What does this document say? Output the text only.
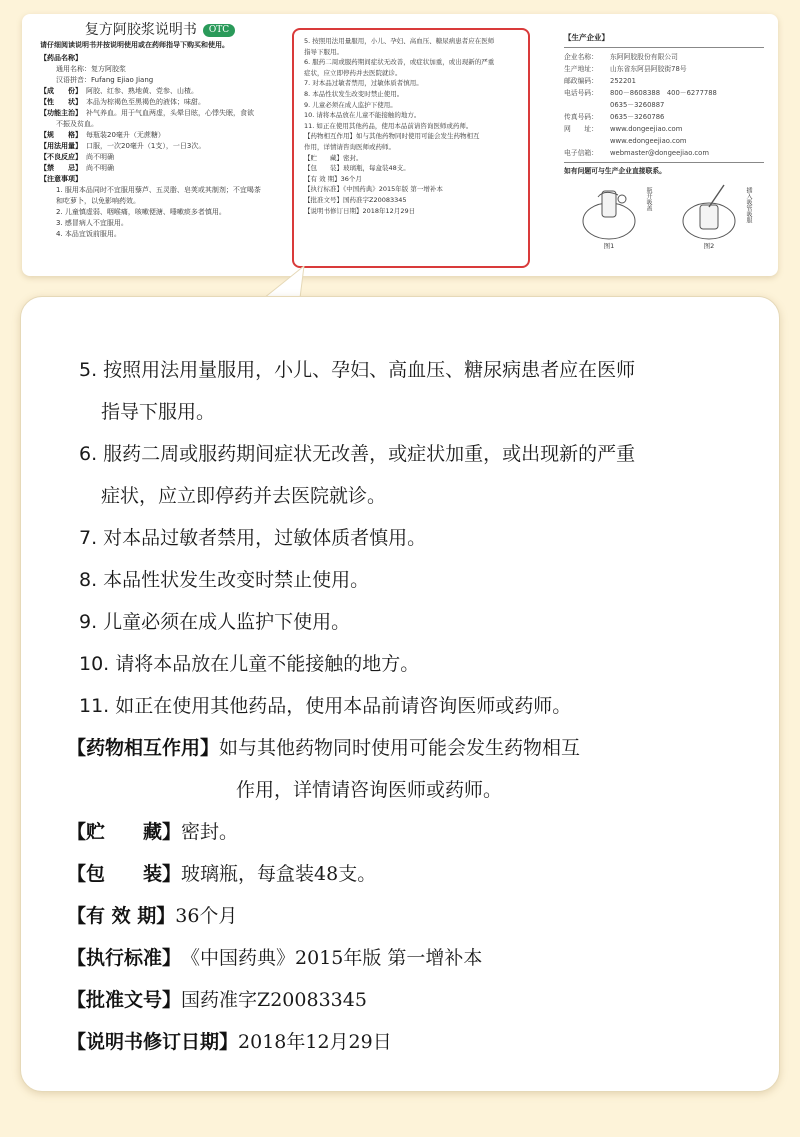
复方阿胶浆说明书	OTC
请仔细阅读说明书并按说明使用或在药师指导下购买和使用。
【药品名称】
通用名称：复方阿胶浆
汉语拼音：Fufang Ejiao Jiang
【成　　份】 阿胶、红参、熟地黄、党参、山楂。
【性　　状】 本品为棕褐色至黑褐色的液体；味甜。
【功能主治】 补气养血。用于气血两虚，头晕目眩，心悸失眠，食欲
不振及贫血。
【规　　格】 每瓶装20毫升（无蔗糖）
【用法用量】 口服，一次20毫升（1支），一日3次。
【不良反应】 尚不明确
【禁　　忌】 尚不明确
【注意事项】
1. 服用本品同时不宜服用藜芦、五灵脂、皂荚或其制剂；不宜喝茶
和吃萝卜，以免影响药效。
2. 儿童慎虚弱、咽喉痛，咳嗽便溏、唾嗽痰多者慎用。
3. 感冒病人不宜服用。
4. 本品宜饭前服用。
5. 按照用法用量服用，小儿、孕妇、高血压、糖尿病患者应在医师
指导下服用。
6. 服药二周或服药期间症状无改善，或症状加重，或出现新的严重
症状，应立即停药并去医院就诊。
7. 对本品过敏者禁用，过敏体质者慎用。
8. 本品性状发生改变时禁止使用。
9. 儿童必须在成人监护下使用。
10. 请将本品放在儿童不能接触的地方。
11. 如正在使用其他药品，使用本品前请咨询医师或药师。
【药物相互作用】如与其他药物同时使用可能会发生药物相互
作用，详情请咨询医师或药师。
【贮　　藏】密封。
【包　　装】玻璃瓶，每盒装48支。
【有 效 期】36个月
【执行标准】《中国药典》2015年版 第一增补本
【批准文号】国药准字Z20083345
【说明书修订日期】2018年12月29日
【生产企业】
企业名称：	东阿阿胶股份有限公司
生产地址：	山东省东阿县阿胶街78号
邮政编码：	252201
电话号码：	800－8608388　400－6277788
0635－3260887
传真号码：	0635－3260786
网　　址：	www.dongeejiao.com
www.edongeejiao.com
电子信箱：	webmaster@dongeejiao.com
如有问题可与生产企业直接联系。
瓶开吸盖
图1
插入吸管吸服
图2
5. 按照用法用量服用，小儿、孕妇、高血压、糖尿病患者应在医师
指导下服用。
6. 服药二周或服药期间症状无改善，或症状加重，或出现新的严重
症状，应立即停药并去医院就诊。
7. 对本品过敏者禁用，过敏体质者慎用。
8. 本品性状发生改变时禁止使用。
9. 儿童必须在成人监护下使用。
10. 请将本品放在儿童不能接触的地方。
11. 如正在使用其他药品，使用本品前请咨询医师或药师。
【药物相互作用】 如与其他药物同时使用可能会发生药物相互
作用，详情请咨询医师或药师。
【贮　　藏】 密封。
【包　　装】 玻璃瓶，每盒装48支。
【有 效 期】 36个月
【执行标准】 《中国药典》2015年版 第一增补本
【批准文号】 国药准字Z20083345
【说明书修订日期】 2018年12月29日
